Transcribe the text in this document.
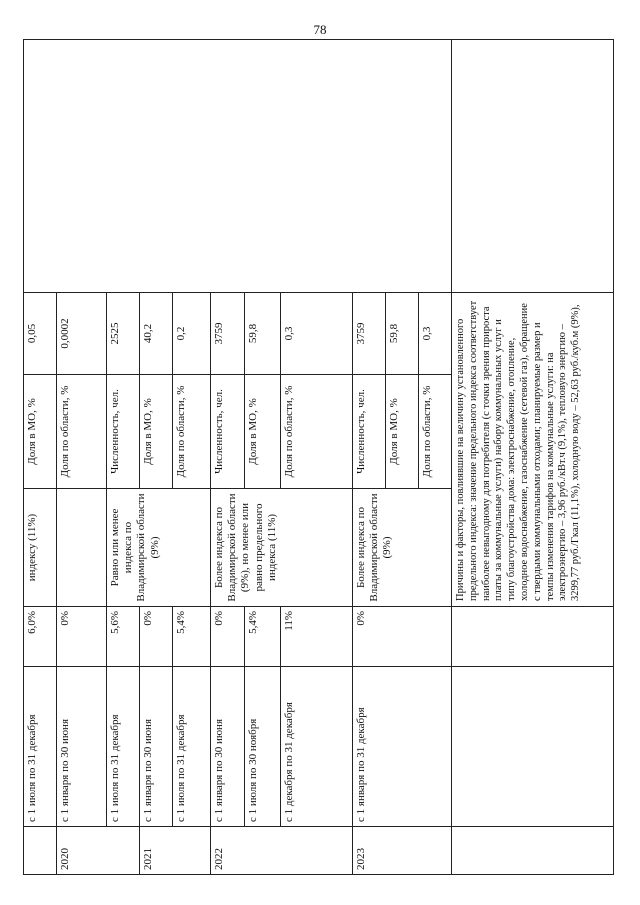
78
	с 1 июля по 31 декабря	6,0%	индексу (11%)	Доля в МО, %	0,05	
2020	с 1 января по 30 июня	0%		Доля по области, %	0,0002	
	с 1 июля по 31 декабря	5,6%	Равно или менее индекса по Владимирской области (9%)	Численность, чел.	2525	
2021	с 1 января по 30 июня	0%		Доля в МО, %	40,2	
	с 1 июля по 31 декабря	5,4%		Доля по области, %	0,2	
2022	с 1 января по 30 июня	0%	Более индекса по Владимирской области (9%), но менее или равно предельного индекса (11%)	Численность, чел.	3759	
	с 1 июля по 30 ноября	5,4%		Доля в МО, %	59,8	
	с 1 декабря по 31 декабря	11%		Доля по области, %	0,3	
2023	с 1 января по 31 декабря	0%	Более индекса по Владимирской области (9%)	Численность, чел.	3759	
				Доля в МО, %	59,8	
				Доля по области, %	0,3	
			Причины и факторы, повлиявшие на величину установленного предельного индекса: значение предельного индекса соответствует наиболее невыгодному для потребителя (с точки зрения прироста платы за коммунальные услуги) набору коммунальных услуг и типу благоустройства дома: электроснабжение, отопление, холодное водоснабжение, газоснабжение (сетевой газ), обращение с твердыми коммунальными отходами; планируемые размер и темпы изменения тарифов на коммунальные услуги: на электроэнергию – 3,96 руб./кВт.ч (9,1%), тепловую энергию – 3299,77 руб./Гкал (11,1%), холодную воду – 52,63 руб./куб.м (9%),			
